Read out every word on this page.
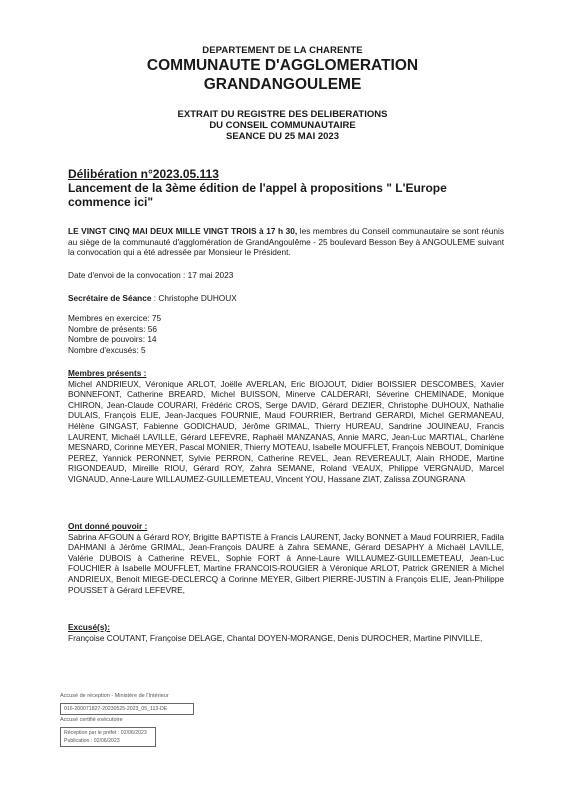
DEPARTEMENT DE LA CHARENTE
COMMUNAUTE D'AGGLOMERATION
GRANDANGOULEME
EXTRAIT DU REGISTRE DES DELIBERATIONS
DU CONSEIL COMMUNAUTAIRE
SEANCE DU 25 MAI 2023
Délibération n°2023.05.113
Lancement de la 3ème édition de l'appel à propositions " L'Europe commence ici"
LE VINGT CINQ MAI DEUX MILLE VINGT TROIS à 17 h 30, les membres du Conseil communautaire se sont réunis au siège de la communauté d'agglomération de GrandAngoulême - 25 boulevard Besson Bey à ANGOULEME suivant la convocation qui a été adressée par Monsieur le Président.
Date d'envoi de la convocation : 17 mai 2023
Secrétaire de Séance : Christophe DUHOUX
Membres en exercice: 75
Nombre de présents: 56
Nombre de pouvoirs: 14
Nombre d'excusés: 5
Membres présents :
Michel ANDRIEUX, Véronique ARLOT, Joëlle AVERLAN, Eric BIOJOUT, Didier BOISSIER DESCOMBES, Xavier BONNEFONT, Catherine BREARD, Michel BUISSON, Minerve CALDERARI, Séverine CHEMINADE, Monique CHIRON, Jean-Claude COURARI, Frédéric CROS, Serge DAVID, Gérard DEZIER, Christophe DUHOUX, Nathalie DULAIS, François ELIE, Jean-Jacques FOURNIE, Maud FOURRIER, Bertrand GERARDI, Michel GERMANEAU, Hélène GINGAST, Fabienne GODICHAUD, Jérôme GRIMAL, Thierry HUREAU, Sandrine JOUINEAU, Francis LAURENT, Michaël LAVILLE, Gérard LEFEVRE, Raphaël MANZANAS, Annie MARC, Jean-Luc MARTIAL, Charlène MESNARD, Corinne MEYER, Pascal MONIER, Thierry MOTEAU, Isabelle MOUFFLET, François NEBOUT, Dominique PEREZ, Yannick PERONNET, Sylvie PERRON, Catherine REVEL, Jean REVEREAULT, Alain RHODE, Martine RIGONDEAUD, Mireille RIOU, Gérard ROY, Zahra SEMANE, Roland VEAUX, Philippe VERGNAUD, Marcel VIGNAUD, Anne-Laure WILLAUMEZ-GUILLEMETEAU, Vincent YOU, Hassane ZIAT, Zalissa ZOUNGRANA
Ont donné pouvoir :
Sabrina AFGOUN à Gérard ROY, Brigitte BAPTISTE à Francis LAURENT, Jacky BONNET à Maud FOURRIER, Fadila DAHMANI à Jérôme GRIMAL, Jean-François DAURE à Zahra SEMANE, Gérard DESAPHY à Michaël LAVILLE, Valérie DUBOIS à Catherine REVEL, Sophie FORT à Anne-Laure WILLAUMEZ-GUILLEMETEAU, Jean-Luc FOUCHIER à Isabelle MOUFFLET, Martine FRANCOIS-ROUGIER à Véronique ARLOT, Patrick GRENIER à Michel ANDRIEUX, Benoit MIEGE-DECLERCQ à Corinne MEYER, Gilbert PIERRE-JUSTIN à François ELIE, Jean-Philippe POUSSET à Gérard LEFEVRE,
Excusé(s):
Françoise COUTANT, Françoise DELAGE, Chantal DOYEN-MORANGE, Denis DUROCHER, Martine PINVILLE,
Accusé de réception - Ministère de l'Intérieur
016-200071827-20230525-2023_05_113-DE
Accusé certifié exécutoire
Réception par le préfet : 02/06/2023
Publication : 02/06/2023
